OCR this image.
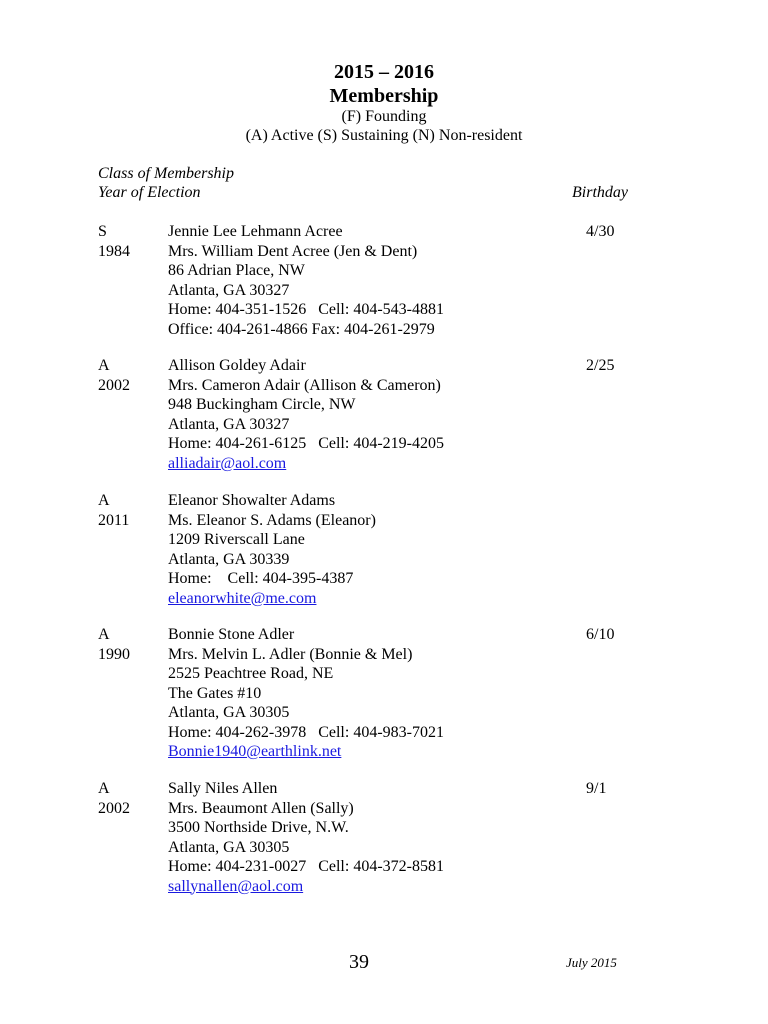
2015 – 2016
Membership
(F) Founding
(A) Active (S) Sustaining (N) Non-resident
Class of Membership
Year of Election	Birthday
S
1984
4/30
Jennie Lee Lehmann Acree
Mrs. William Dent Acree (Jen & Dent)
86 Adrian Place, NW
Atlanta, GA 30327
Home: 404-351-1526   Cell: 404-543-4881
Office: 404-261-4866 Fax: 404-261-2979
A
2002
2/25
Allison Goldey Adair
Mrs. Cameron Adair (Allison & Cameron)
948 Buckingham Circle, NW
Atlanta, GA 30327
Home: 404-261-6125   Cell: 404-219-4205
alliadair@aol.com
A
2011
Eleanor Showalter Adams
Ms. Eleanor S. Adams (Eleanor)
1209 Riverscall Lane
Atlanta, GA 30339
Home:    Cell: 404-395-4387
eleanorwhite@me.com
A
1990
6/10
Bonnie Stone Adler
Mrs. Melvin L. Adler (Bonnie & Mel)
2525 Peachtree Road, NE
The Gates #10
Atlanta, GA 30305
Home: 404-262-3978   Cell: 404-983-7021
Bonnie1940@earthlink.net
A
2002
9/1
Sally Niles Allen
Mrs. Beaumont Allen (Sally)
3500 Northside Drive, N.W.
Atlanta, GA 30305
Home: 404-231-0027   Cell: 404-372-8581
sallynallen@aol.com
39	July 2015
